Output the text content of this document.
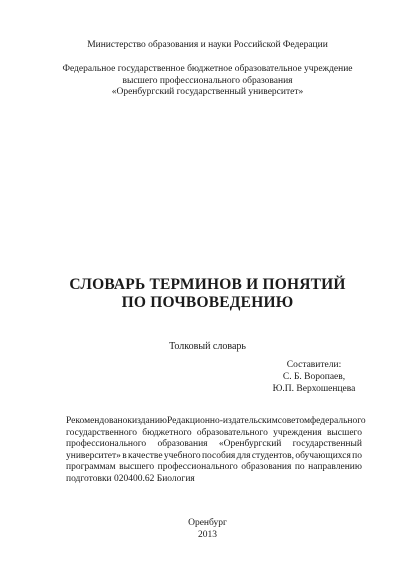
Министерство образования и науки Российской Федерации
Федеральное государственное бюджетное образовательное учреждение
высшего профессионального образования
«Оренбургский государственный университет»
СЛОВАРЬ ТЕРМИНОВ И ПОНЯТИЙ
ПО ПОЧВОВЕДЕНИЮ
Толковый словарь
Составители:
С. Б. Воропаев,
Ю.П. Верхошенцева
Рекомендовано к изданию Редакционно-издательским советом федерального
государственного бюджетного образовательного учреждения высшего
профессионального образования «Оренбургский государственный
университет» в качестве учебного пособия для студентов, обучающихся по
программам высшего профессионального образования по направлению
подготовки 020400.62 Биология
Оренбург
2013
